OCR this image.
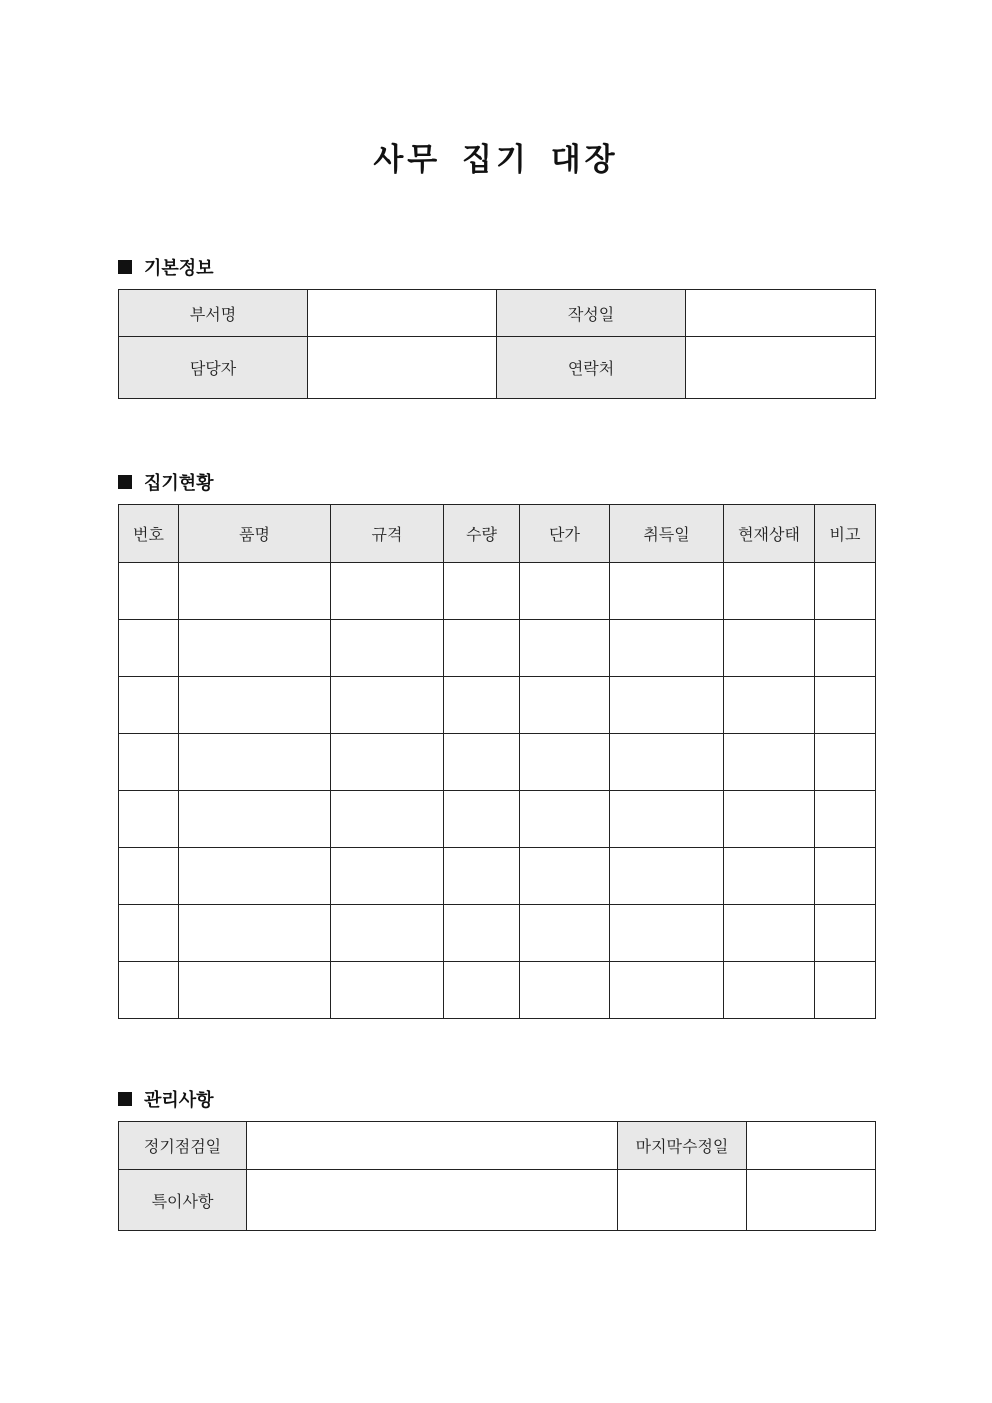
사무 집기 대장
기본정보
부서명		작성일	
담당자		연락처	
집기현황
번호	품명	규격	수량	단가	취득일	현재상태	비고

관리사항
정기점검일		마지막수정일	
특이사항			
